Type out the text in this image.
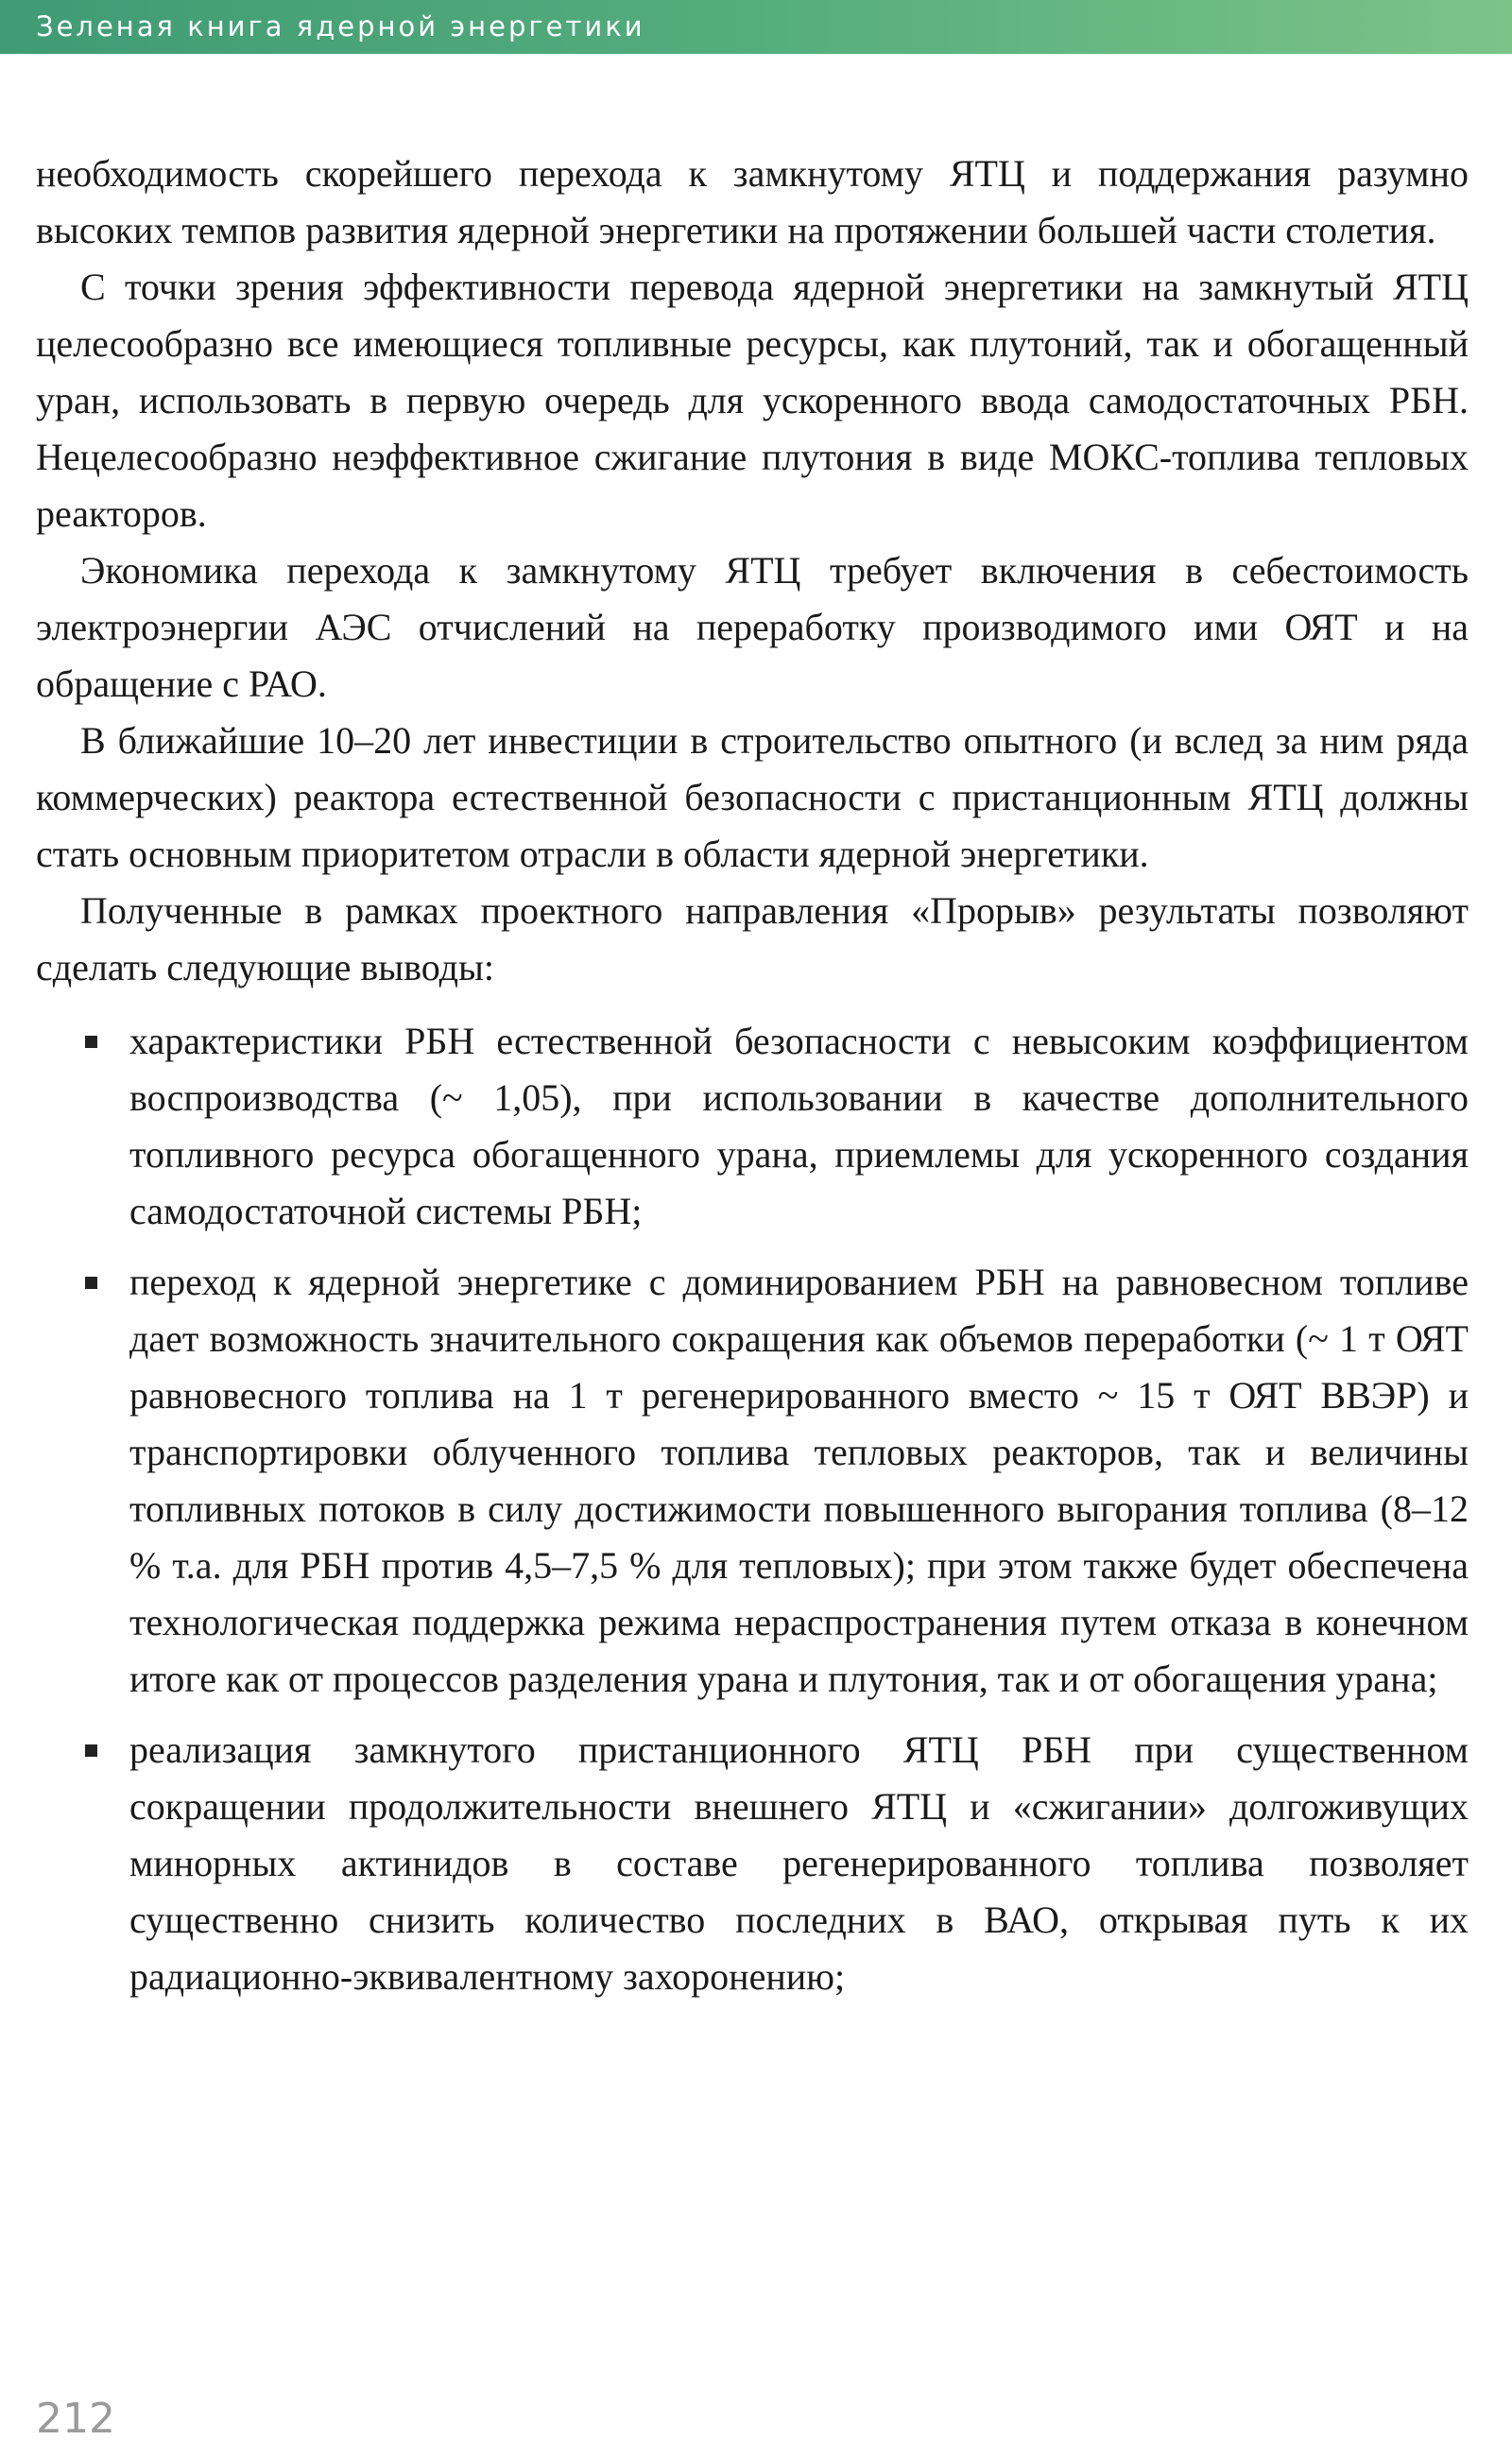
Зеленая книга ядерной энергетики

необходимость скорейшего перехода к замкнутому ЯТЦ и поддержания разумно высоких темпов развития ядерной энергетики на протяжении большей части столетия.

С точки зрения эффективности перевода ядерной энергетики на замкнутый ЯТЦ целесообразно все имеющиеся топливные ресурсы, как плутоний, так и обогащенный уран, использовать в первую очередь для ускоренного ввода самодостаточных РБН. Нецелесообразно неэффективное сжигание плутония в виде МОКС-топлива тепловых реакторов.

Экономика перехода к замкнутому ЯТЦ требует включения в себестоимость электроэнергии АЭС отчислений на переработку производимого ими ОЯТ и на обращение с РАО.

В ближайшие 10–20 лет инвестиции в строительство опытного (и вслед за ним ряда коммерческих) реактора естественной безопасности с пристанционным ЯТЦ должны стать основным приоритетом отрасли в области ядерной энергетики.

Полученные в рамках проектного направления «Прорыв» результаты позволяют сделать следующие выводы:

характеристики РБН естественной безопасности с невысоким коэффициентом воспроизводства (~ 1,05), при использовании в качестве дополнительного топливного ресурса обогащенного урана, приемлемы для ускоренного создания самодостаточной системы РБН;

переход к ядерной энергетике с доминированием РБН на равновесном топливе дает возможность значительного сокращения как объемов переработки (~ 1 т ОЯТ равновесного топлива на 1 т регенерированного вместо ~ 15 т ОЯТ ВВЭР) и транспортировки облученного топлива тепловых реакторов, так и величины топливных потоков в силу достижимости повышенного выгорания топлива (8–12 % т.а. для РБН против 4,5–7,5 % для тепловых); при этом также будет обеспечена технологическая поддержка режима нераспространения путем отказа в конечном итоге как от процессов разделения урана и плутония, так и от обогащения урана;

реализация замкнутого пристанционного ЯТЦ РБН при существенном сокращении продолжительности внешнего ЯТЦ и «сжигании» долгоживущих минорных актинидов в составе регенерированного топлива позволяет существенно снизить количество последних в ВАО, открывая путь к их радиационно-эквивалентному захоронению;

212
